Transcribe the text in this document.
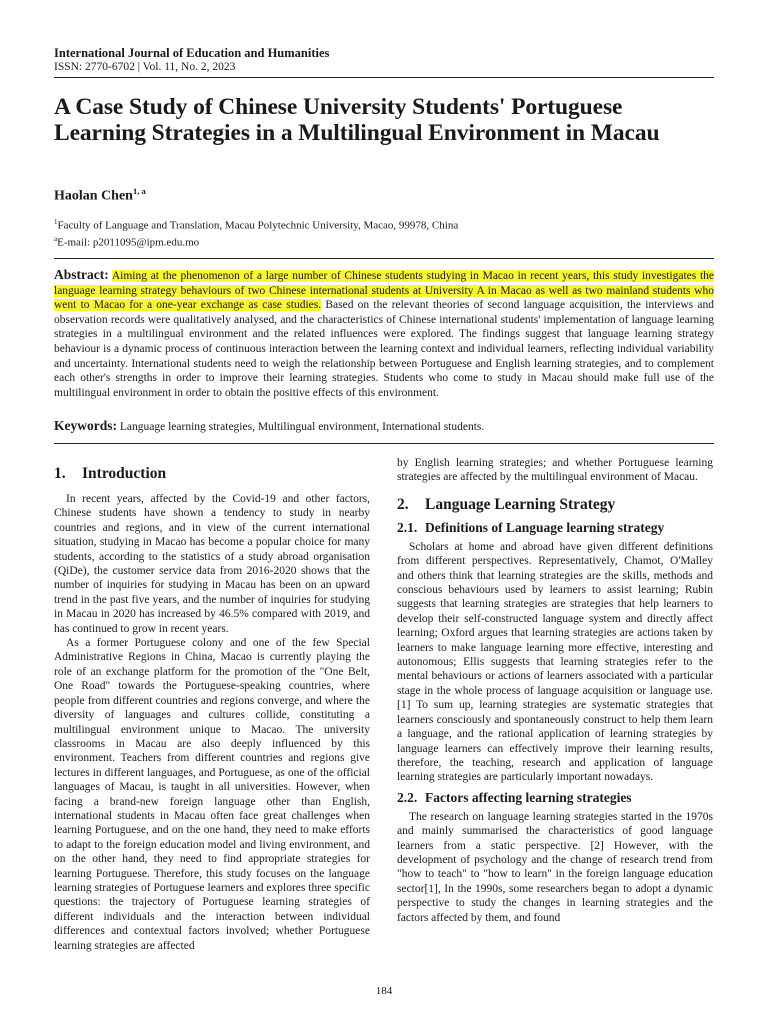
International Journal of Education and Humanities
ISSN: 2770-6702 | Vol. 11, No. 2, 2023
A Case Study of Chinese University Students' Portuguese Learning Strategies in a Multilingual Environment in Macau
Haolan Chen$^{1, a}$
$^1$Faculty of Language and Translation, Macau Polytechnic University, Macao, 99978, China
$^a$E-mail: p2011095@ipm.edu.mo
Abstract: Aiming at the phenomenon of a large number of Chinese students studying in Macao in recent years, this study investigates the language learning strategy behaviours of two Chinese international students at University A in Macao as well as two mainland students who went to Macao for a one-year exchange as case studies. Based on the relevant theories of second language acquisition, the interviews and observation records were qualitatively analysed, and the characteristics of Chinese international students' implementation of language learning strategies in a multilingual environment and the related influences were explored. The findings suggest that language learning strategy behaviour is a dynamic process of continuous interaction between the learning context and individual learners, reflecting individual variability and uncertainty. International students need to weigh the relationship between Portuguese and English learning strategies, and to complement each other's strengths in order to improve their learning strategies. Students who come to study in Macau should make full use of the multilingual environment in order to obtain the positive effects of this environment.
Keywords: Language learning strategies, Multilingual environment, International students.
1. Introduction

In recent years, affected by the Covid-19 and other factors, Chinese students have shown a tendency to study in nearby countries and regions, and in view of the current international situation, studying in Macao has become a popular choice for many students, according to the statistics of a study abroad organisation (QiDe), the customer service data from 2016-2020 shows that the number of inquiries for studying in Macau has been on an upward trend in the past five years, and the number of inquiries for studying in Macau in 2020 has increased by 46.5% compared with 2019, and has continued to grow in recent years.

As a former Portuguese colony and one of the few Special Administrative Regions in China, Macao is currently playing the role of an exchange platform for the promotion of the "One Belt, One Road" towards the Portuguese-speaking countries, where people from different countries and regions converge, and where the diversity of languages and cultures collide, constituting a multilingual environment unique to Macao. The university classrooms in Macau are also deeply influenced by this environment. Teachers from different countries and regions give lectures in different languages, and Portuguese, as one of the official languages of Macau, is taught in all universities. However, when facing a brand-new foreign language other than English, international students in Macau often face great challenges when learning Portuguese, and on the one hand, they need to make efforts to adapt to the foreign education model and living environment, and on the other hand, they need to find appropriate strategies for learning Portuguese. Therefore, this study focuses on the language learning strategies of Portuguese learners and explores three specific questions: the trajectory of Portuguese learning strategies of different individuals and the interaction between individual differences and contextual factors involved; whether Portuguese learning strategies are affected

by English learning strategies; and whether Portuguese learning strategies are affected by the multilingual environment of Macau.

2. Language Learning Strategy
2.1. Definitions of Language learning strategy

Scholars at home and abroad have given different definitions from different perspectives. Representatively, Chamot, O'Malley and others think that learning strategies are the skills, methods and conscious behaviours used by learners to assist learning; Rubin suggests that learning strategies are strategies that help learners to develop their self-constructed language system and directly affect learning; Oxford argues that learning strategies are actions taken by learners to make language learning more effective, interesting and autonomous; Ellis suggests that learning strategies refer to the mental behaviours or actions of learners associated with a particular stage in the whole process of language acquisition or language use.[1] To sum up, learning strategies are systematic strategies that learners consciously and spontaneously construct to help them learn a language, and the rational application of learning strategies by language learners can effectively improve their learning results, therefore, the teaching, research and application of language learning strategies are particularly important nowadays.

2.2. Factors affecting learning strategies

The research on language learning strategies started in the 1970s and mainly summarised the characteristics of good language learners from a static perspective. [2] However, with the development of psychology and the change of research trend from "how to teach" to "how to learn" in the foreign language education sector[1], In the 1990s, some researchers began to adopt a dynamic perspective to study the changes in learning strategies and the factors affected by them, and found

184
